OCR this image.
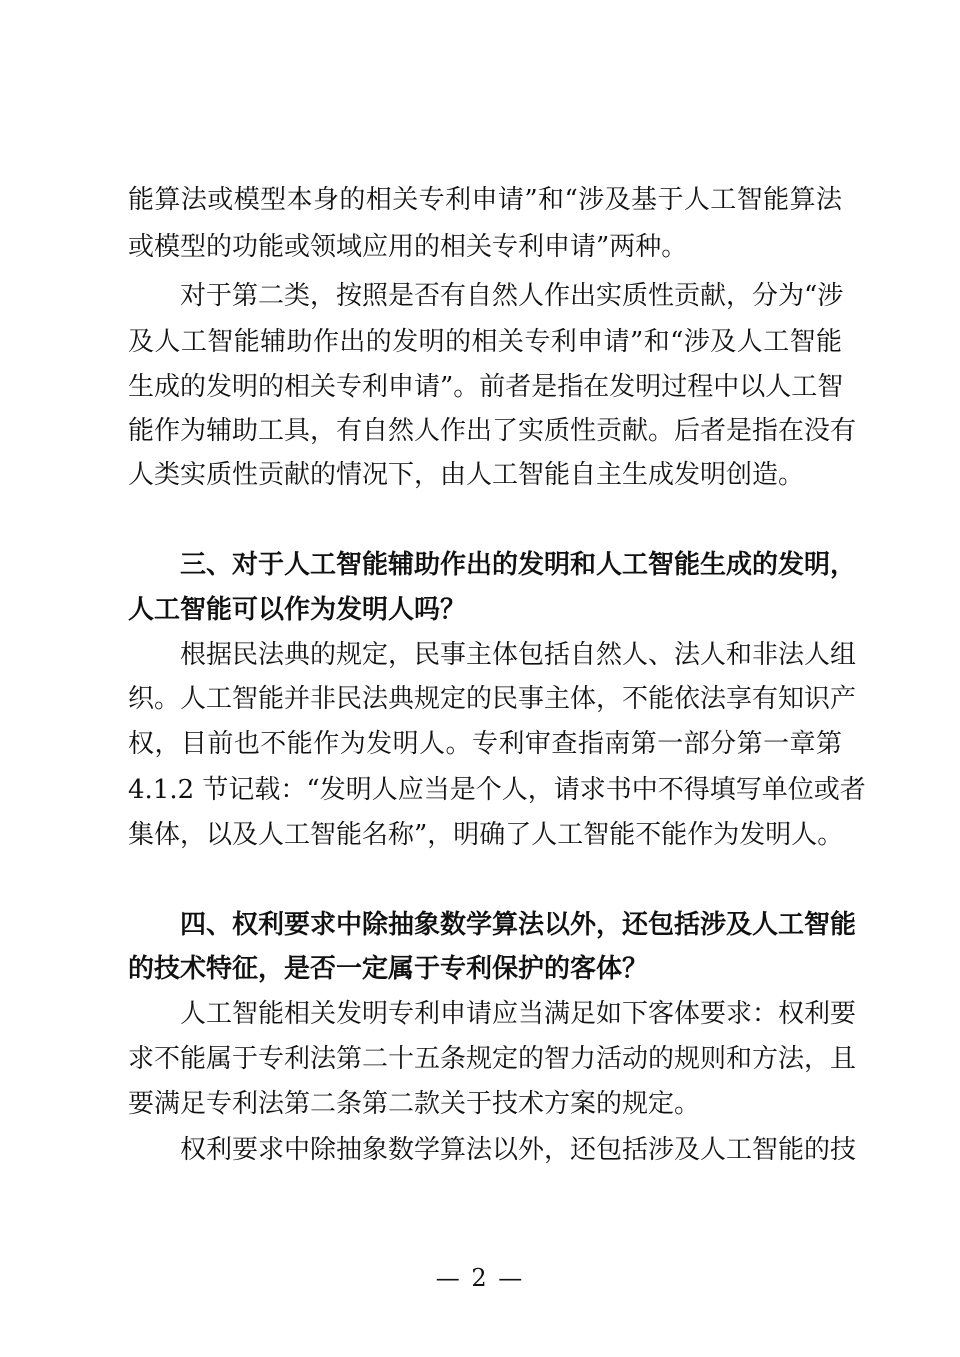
能算法或模型本身的相关专利申请”和“涉及基于人工智能算法
或模型的功能或领域应用的相关专利申请”两种。
对于第二类，按照是否有自然人作出实质性贡献，分为“涉
及人工智能辅助作出的发明的相关专利申请”和“涉及人工智能
生成的发明的相关专利申请”。前者是指在发明过程中以人工智
能作为辅助工具，有自然人作出了实质性贡献。后者是指在没有
人类实质性贡献的情况下，由人工智能自主生成发明创造。
三、对于人工智能辅助作出的发明和人工智能生成的发明，
人工智能可以作为发明人吗？
根据民法典的规定，民事主体包括自然人、法人和非法人组
织。人工智能并非民法典规定的民事主体，不能依法享有知识产
权，目前也不能作为发明人。专利审查指南第一部分第一章第
4.1.2 节记载：“发明人应当是个人，请求书中不得填写单位或者
集体，以及人工智能名称”，明确了人工智能不能作为发明人。
四、权利要求中除抽象数学算法以外，还包括涉及人工智能
的技术特征，是否一定属于专利保护的客体？
人工智能相关发明专利申请应当满足如下客体要求：权利要
求不能属于专利法第二十五条规定的智力活动的规则和方法，且
要满足专利法第二条第二款关于技术方案的规定。
权利要求中除抽象数学算法以外，还包括涉及人工智能的技
— 2 —
